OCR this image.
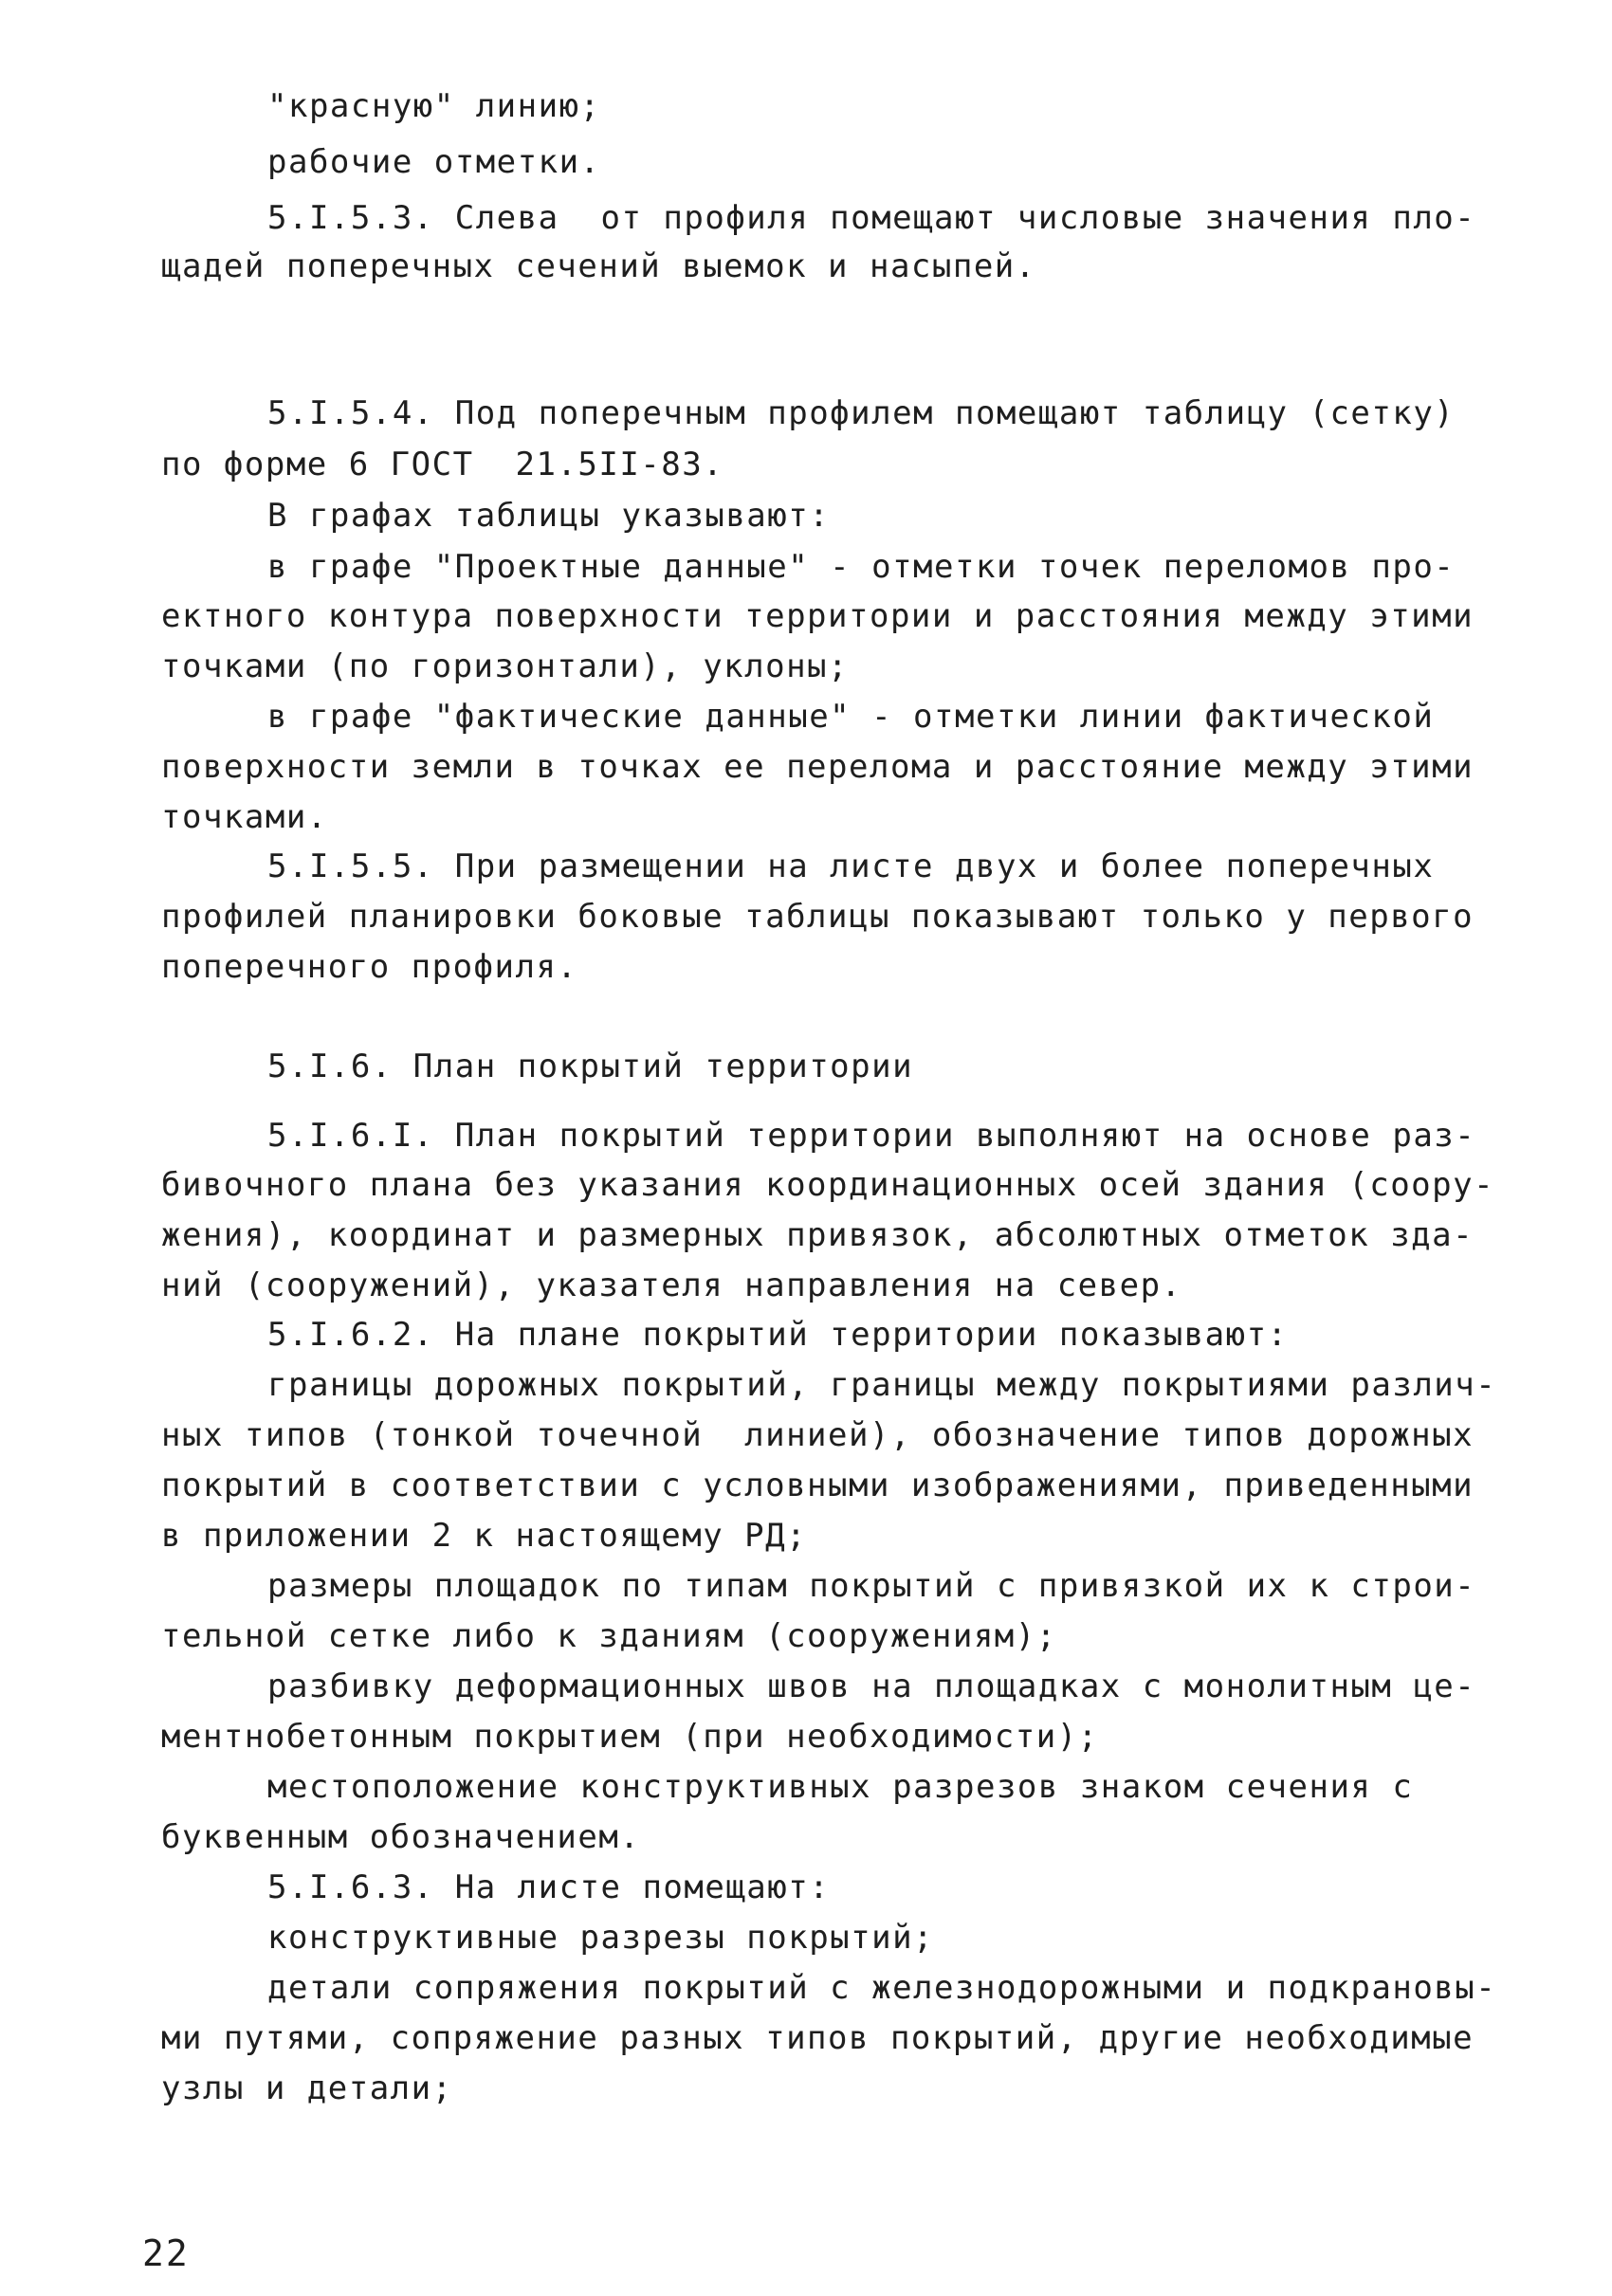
"красную" линию;
рабочие отметки.
5.I.5.3. Слева  от профиля помещают числовые значения пло-
щадей поперечных сечений выемок и насыпей.
5.I.5.4. Под поперечным профилем помещают таблицу (сетку)
по форме 6 ГОСТ  21.5II-83.
В графах таблицы указывают:
в графе "Проектные данные" - отметки точек переломов про-
ектного контура поверхности территории и расстояния между этими
точками (по горизонтали), уклоны;
в графе "фактические данные" - отметки линии фактической
поверхности земли в точках ее перелома и расстояние между этими
точками.
5.I.5.5. При размещении на листе двух и более поперечных
профилей планировки боковые таблицы показывают только у первого
поперечного профиля.
5.I.6. План покрытий территории
5.I.6.I. План покрытий территории выполняют на основе раз-
бивочного плана без указания координационных осей здания (соору-
жения), координат и размерных привязок, абсолютных отметок зда-
ний (сооружений), указателя направления на север.
5.I.6.2. На плане покрытий территории показывают:
границы дорожных покрытий, границы между покрытиями различ-
ных типов (тонкой точечной  линией), обозначение типов дорожных
покрытий в соответствии с условными изображениями, приведенными
в приложении 2 к настоящему РД;
размеры площадок по типам покрытий с привязкой их к строи-
тельной сетке либо к зданиям (сооружениям);
разбивку деформационных швов на площадках с монолитным це-
ментнобетонным покрытием (при необходимости);
местоположение конструктивных разрезов знаком сечения с
буквенным обозначением.
5.I.6.3. На листе помещают:
конструктивные разрезы покрытий;
детали сопряжения покрытий с железнодорожными и подкрановы-
ми путями, сопряжение разных типов покрытий, другие необходимые
узлы и детали;
22
